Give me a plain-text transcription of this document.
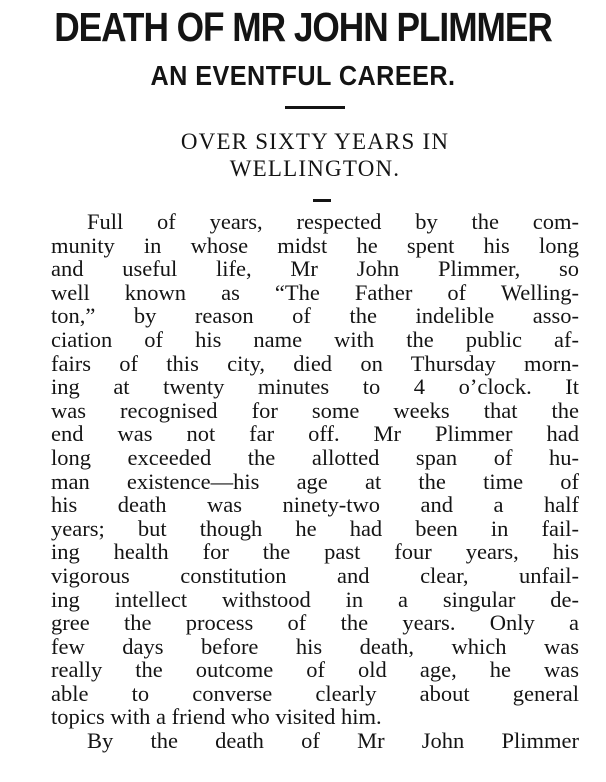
DEATH OF MR JOHN PLIMMER
AN EVENTFUL CAREER.
OVER SIXTY YEARS IN
WELLINGTON.
Full of years, respected by the com-
munity in whose midst he spent his long
and useful life, Mr John Plimmer, so
well known as “The Father of Welling-
ton,” by reason of the indelible asso-
ciation of his name with the public af-
fairs of this city, died on Thursday morn-
ing at twenty minutes to 4 o’clock. It
was recognised for some weeks that the
end was not far off. Mr Plimmer had
long exceeded the allotted span of hu-
man existence—his age at the time of
his death was ninety-two and a half
years; but though he had been in fail-
ing health for the past four years, his
vigorous constitution and clear, unfail-
ing intellect withstood in a singular de-
gree the process of the years. Only a
few days before his death, which was
really the outcome of old age, he was
able to converse clearly about general
topics with a friend who visited him.
By the death of Mr John Plimmer
